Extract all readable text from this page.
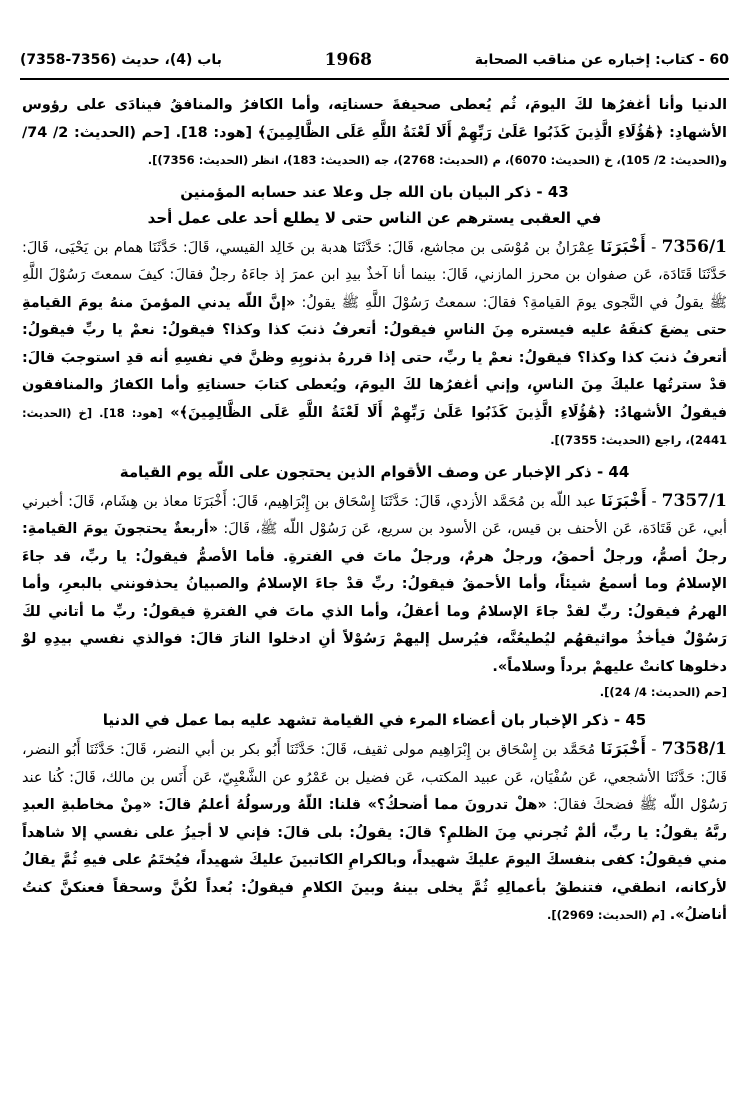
60 - كتاب: إخباره عن مناقب الصحابة
1968
باب (4)، حديث (7356-7358)

الدنيا وأنا أغفرُها لكَ اليومَ، ثُم يُعطى صحيفةَ حسناتِه، وأما الكافرُ والمنافقُ فينادَى على رؤوس الأشهادِ: ﴿هَٰؤُلَاءِ الَّذِينَ كَذَبُوا عَلَىٰ رَبِّهِمْ أَلَا لَعْنَةُ اللَّهِ عَلَى الظَّالِمِينَ﴾ [هود: 18]. [حم (الحديث: 2/ 74/ و(الحديث: 2/ 105)، خ (الحديث: 6070)، م (الحديث: 2768)، جه (الحديث: 183)، انظر (الحديث: 7356)].

43 - ذكر البيان بان الله جل وعلا عند حسابه المؤمنين
في العقبى يسترهم عن الناس حتى لا يطلع أحد على عمل أحد

7356/1 - أَخْبَرَنَا عِمْرَانُ بن مُوْسَى بن مجاشع، قَالَ: حَدَّثَنَا هدبة بن خَالِد القيسي، قَالَ: حَدَّثَنَا همام بن يَحْيَى، قَالَ: حَدَّثَنَا قَتَادَة، عَن صفوان بن محرز المازني، قَالَ: بينما أنا آخذٌ بيدِ ابن عمرَ إذ جاءَهُ رجلٌ فقالَ: كيفَ سمعتَ رَسُوْلَ اللَّهِ ﷺ يقولُ في النَّجوى يومَ القيامةِ؟ فقالَ: سمعتُ رَسُوْلَ اللَّهِ ﷺ يقولُ: «إنَّ اللّه يدني المؤمنَ منهُ يومَ القيامةِ حتى يضعَ كنفَهُ عليه فيستره مِنَ الناسِ فيقولُ: أتعرفُ ذنبَ كذا وكذا؟ فيقولُ: نعمْ يا ربِّ فيقولُ: أتعرفُ ذنبَ كذا وكذا؟ فيقولُ: نعمْ يا ربِّ، حتى إذا قررهُ بذنوبِهِ وظنَّ في نفسِهِ أنه قدِ استوجبَ قالَ: قدْ سترتُها عليكَ مِنَ الناسِ، وإني أغفرُها لكَ اليومَ، ويُعطى كتابَ حسناتِهِ وأما الكفارُ والمنافقون فيقولُ الأشهادُ: ﴿هَٰؤُلَاءِ الَّذِينَ كَذَبُوا عَلَىٰ رَبِّهِمْ أَلَا لَعْنَةُ اللَّهِ عَلَى الظَّالِمِينَ﴾» [هود: 18]. [خ (الحديث: 2441)، راجع (الحديث: 7355)].

44 - ذكر الإخبار عن وصف الأقوام الذين يحتجون على اللّه يوم القيامة

7357/1 - أَخْبَرَنَا عبد اللّه بن مُحَمَّد الأزدي، قَالَ: حَدَّثَنَا إِسْحَاق بن إِبْرَاهِيم، قَالَ: أَخْبَرَنَا معاذ بن هِشَام، قَالَ: أخبرني أبي، عَن قَتَادَة، عَن الأحنف بن قيس، عَن الأسود بن سريع، عَن رَسُوْل اللّه ﷺ، قَالَ: «أربعةٌ يحتجونَ يومَ القيامةِ: رجلٌ أصمُّ، ورجلٌ أحمقُ، ورجلٌ هرمٌ، ورجلٌ ماتَ في الفترةِ. فأما الأصمُّ فيقولُ: يا ربِّ، قد جاءَ الإسلامُ وما أسمعُ شيئاً، وأما الأحمقُ فيقولُ: ربِّ قدْ جاءَ الإسلامُ والصبيانُ يحذفونني بالبعرِ، وأما الهرمُ فيقولُ: ربِّ لقدْ جاءَ الإسلامُ وما أعقلُ، وأما الذي ماتَ في الفترةِ فيقولُ: ربِّ ما أتاني لكَ رَسُوْلٌ فيأخذُ مواثيقهُم ليُطيعُنَّه، فيُرسل إليهمْ رَسُوْلاً أنِ ادخلوا النارَ قالَ: فوالذي نفسي بيدِهِ لوْ دخلوها كانتْ عليهمْ برداً وسلاماً».

[حم (الحديث: 4/ 24)].
45 - ذكر الإخبار بان أعضاء المرء في القيامة تشهد عليه بما عمل في الدنيا

7358/1 - أَخْبَرَنَا مُحَمَّد بن إِسْحَاق بن إِبْرَاهِيم مولى ثقيف، قَالَ: حَدَّثَنَا أَبُو بكر بن أبي النضر، قَالَ: حَدَّثَنَا أَبُو النضر، قَالَ: حَدَّثَنَا الأشجعي، عَن سُفْيَان، عَن عبيد المكتب، عَن فضيل بن عَمْرُو عن الشَّعْبِيّ، عَن أَنَس بن مالك، قَالَ: كُنا عند رَسُوْل اللّه ﷺ فضحكَ فقالَ: «هلْ تدرونَ مما أضحكُ؟» قلنا: اللّهُ ورسولُهُ أعلمُ قالَ: «مِنْ مخاطبةِ العبدِ ربَّهُ يقولُ: يا ربِّ، ألمْ تُجرني مِنَ الظلمِ؟ قالَ: يقولُ: بلى قالَ: فإني لا أجيزُ على نفسي إلا شاهداً مني فيقولُ: كفى بنفسكَ اليومَ عليكَ شهيداً، وبالكرامِ الكاتبينَ عليكَ شهيداً، فيُختَمُ على فيهِ ثُمَّ يقالُ لأركانه، انطقي، فتنطقُ بأعمالِهِ ثُمَّ يخلى بينهُ وبينَ الكلامِ فيقولُ: بُعداً لكُنَّ وسحقاً فعنكنَّ كنتُ أناضلُ». [م (الحديث: 2969)].
